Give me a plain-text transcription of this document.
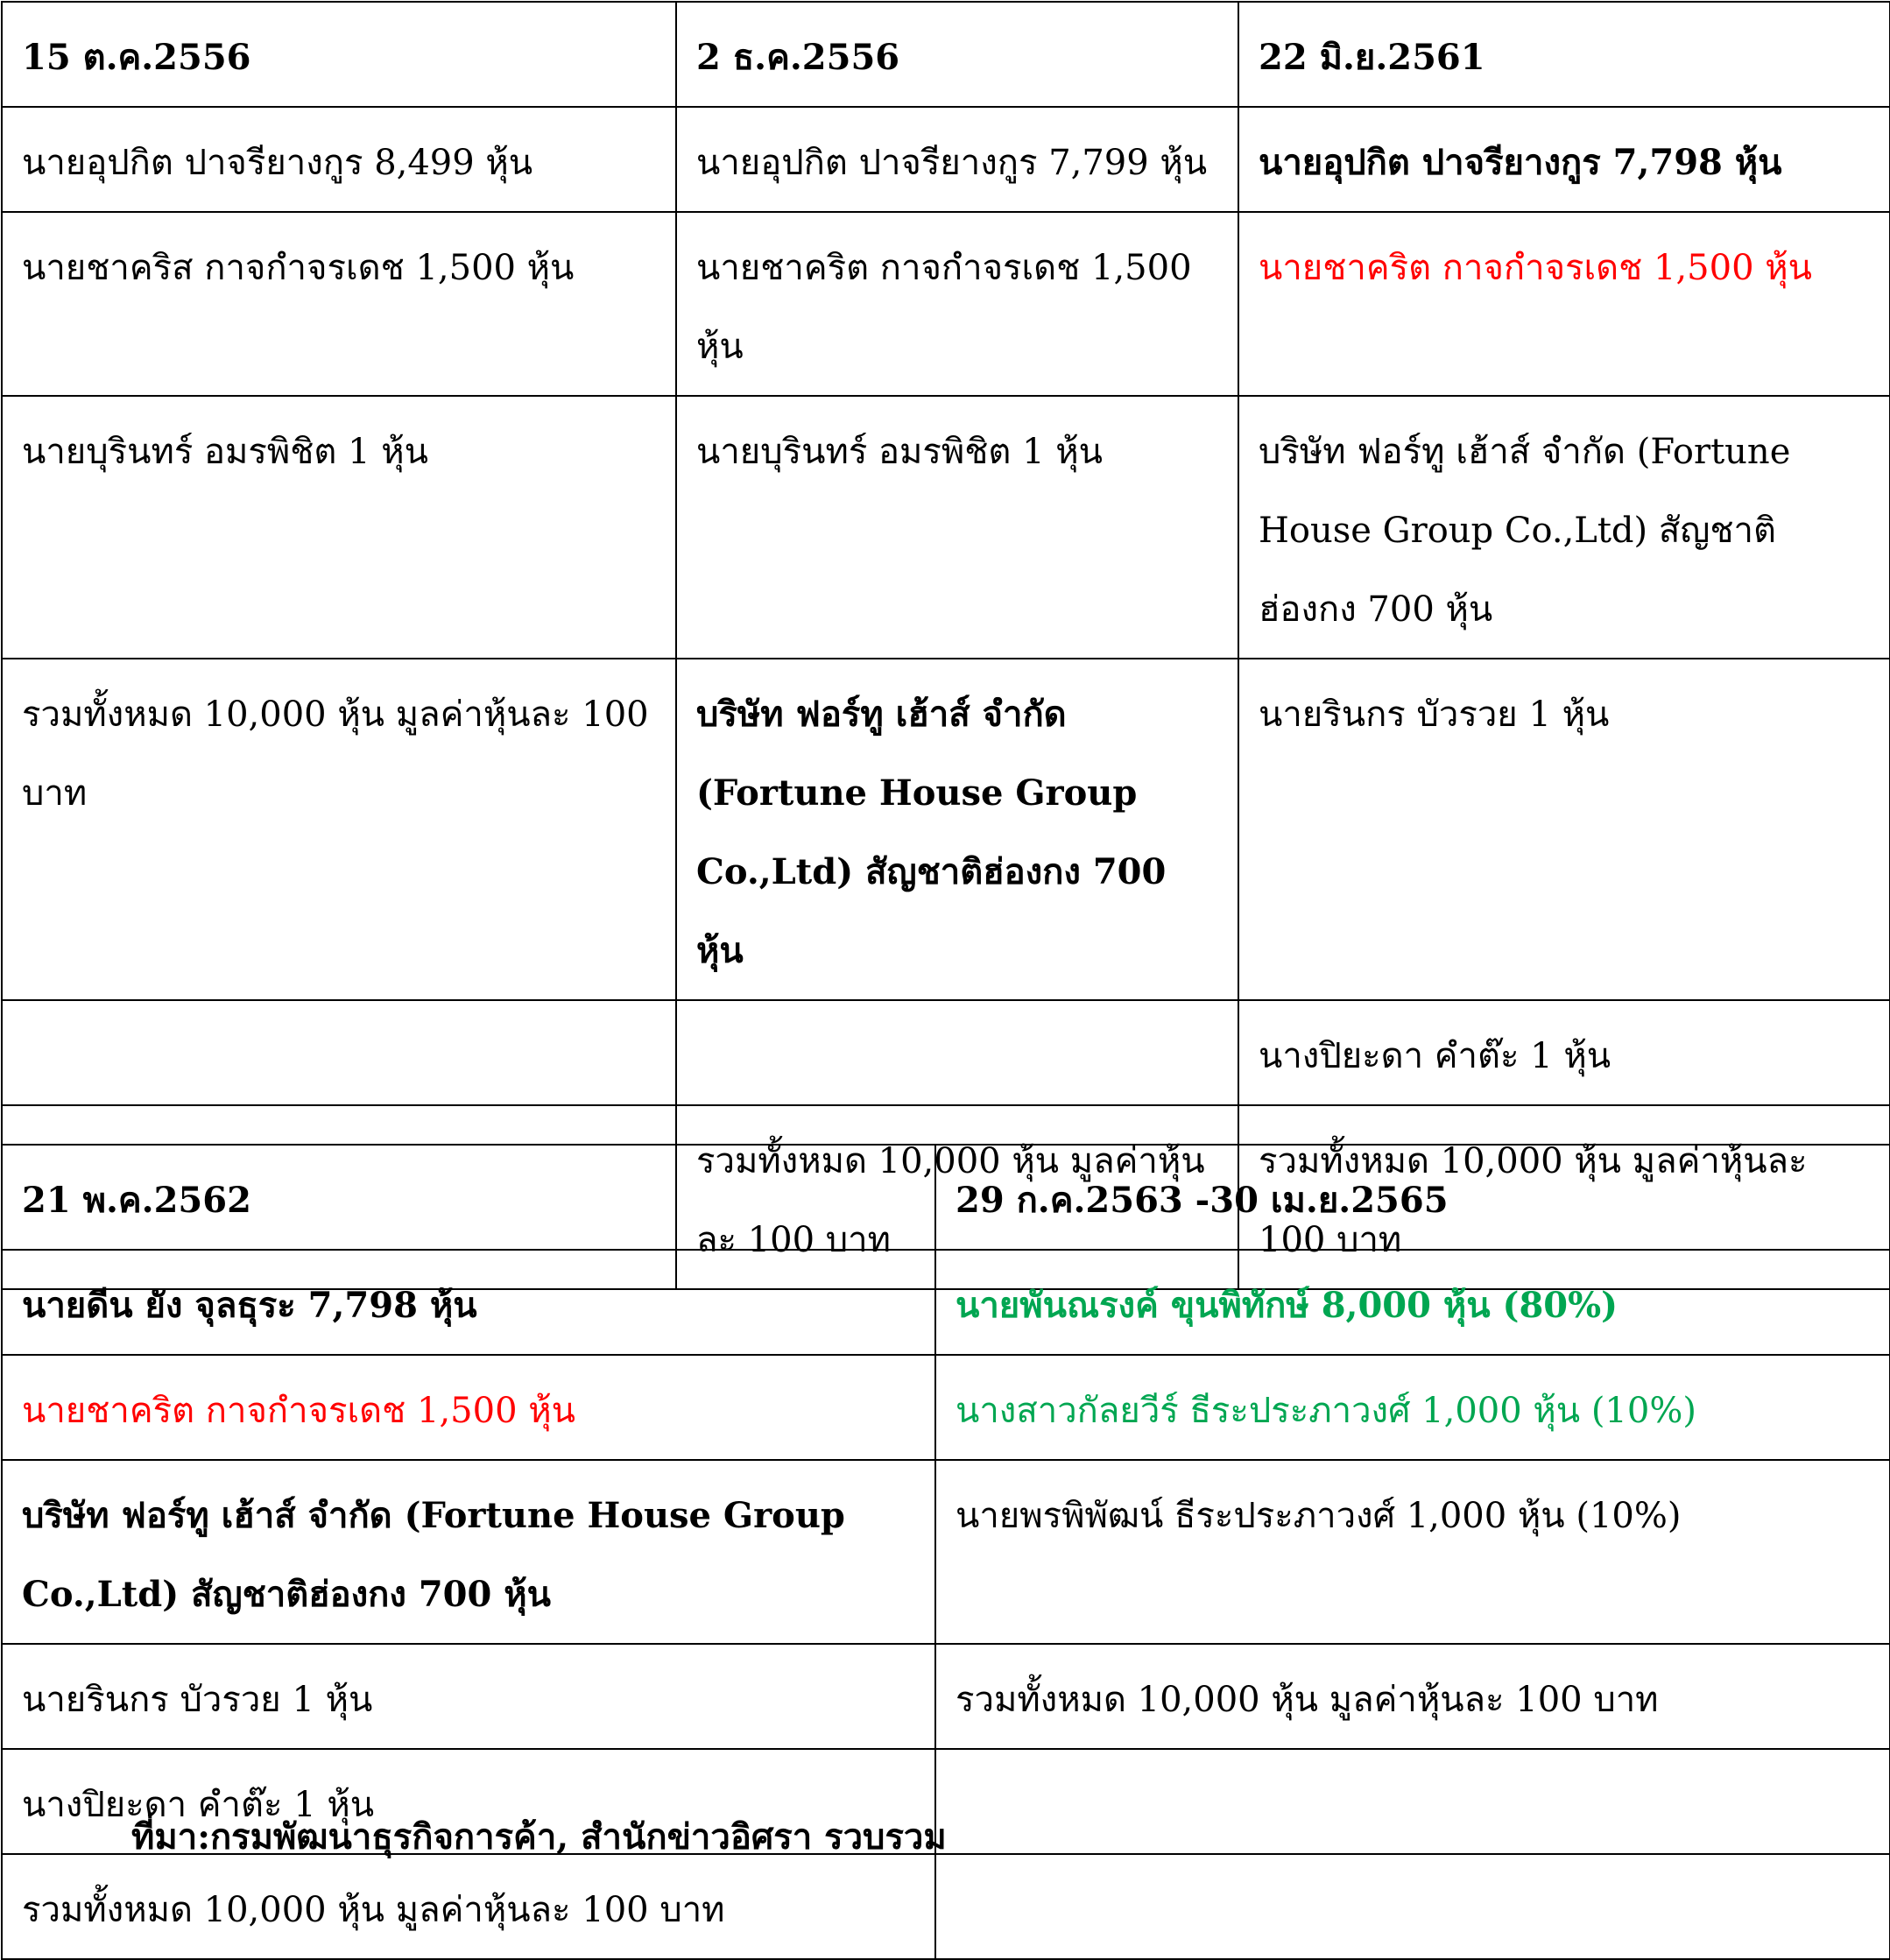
15 ต.ค.2556	2 ธ.ค.2556	22 มิ.ย.2561
นายอุปกิต ปาจรียางกูร 8,499 หุ้น	นายอุปกิต ปาจรียางกูร 7,799 หุ้น	นายอุปกิต ปาจรียางกูร 7,798 หุ้น
นายชาคริส กาจกำจรเดช 1,500 หุ้น	นายชาคริต กาจกำจรเดช 1,500 หุ้น	นายชาคริต กาจกำจรเดช 1,500 หุ้น
นายบุรินทร์ อมรพิชิต 1 หุ้น	นายบุรินทร์ อมรพิชิต 1 หุ้น	บริษัท ฟอร์ทู เฮ้าส์ จำกัด (Fortune House Group Co.,Ltd) สัญชาติฮ่องกง 700 หุ้น
รวมทั้งหมด 10,000 หุ้น มูลค่าหุ้นละ 100 บาท	บริษัท ฟอร์ทู เฮ้าส์ จำกัด (Fortune House Group Co.,Ltd) สัญชาติฮ่องกง 700 หุ้น	นายรินกร บัวรวย 1 หุ้น
		นางปิยะดา คำต๊ะ 1 หุ้น
	รวมทั้งหมด 10,000 หุ้น มูลค่าหุ้นละ 100 บาท	รวมทั้งหมด 10,000 หุ้น มูลค่าหุ้นละ 100 บาท
21 พ.ค.2562	29 ก.ค.2563 -30 เม.ย.2565
นายดีน ยัง จุลธุระ 7,798 หุ้น	นายพันณรงค์ ขุนพิทักษ์ 8,000 หุ้น (80%)
นายชาคริต กาจกำจรเดช 1,500 หุ้น	นางสาวกัลยวีร์ ธีระประภาวงศ์ 1,000 หุ้น (10%)
บริษัท ฟอร์ทู เฮ้าส์ จำกัด (Fortune House Group Co.,Ltd) สัญชาติฮ่องกง 700 หุ้น	นายพรพิพัฒน์ ธีระประภาวงศ์ 1,000 หุ้น (10%)
นายรินกร บัวรวย 1 หุ้น	รวมทั้งหมด 10,000 หุ้น มูลค่าหุ้นละ 100 บาท
นางปิยะดา คำต๊ะ 1 หุ้น	
รวมทั้งหมด 10,000 หุ้น มูลค่าหุ้นละ 100 บาท	
ที่มา:กรมพัฒนาธุรกิจการค้า, สำนักข่าวอิศรา รวบรวม
